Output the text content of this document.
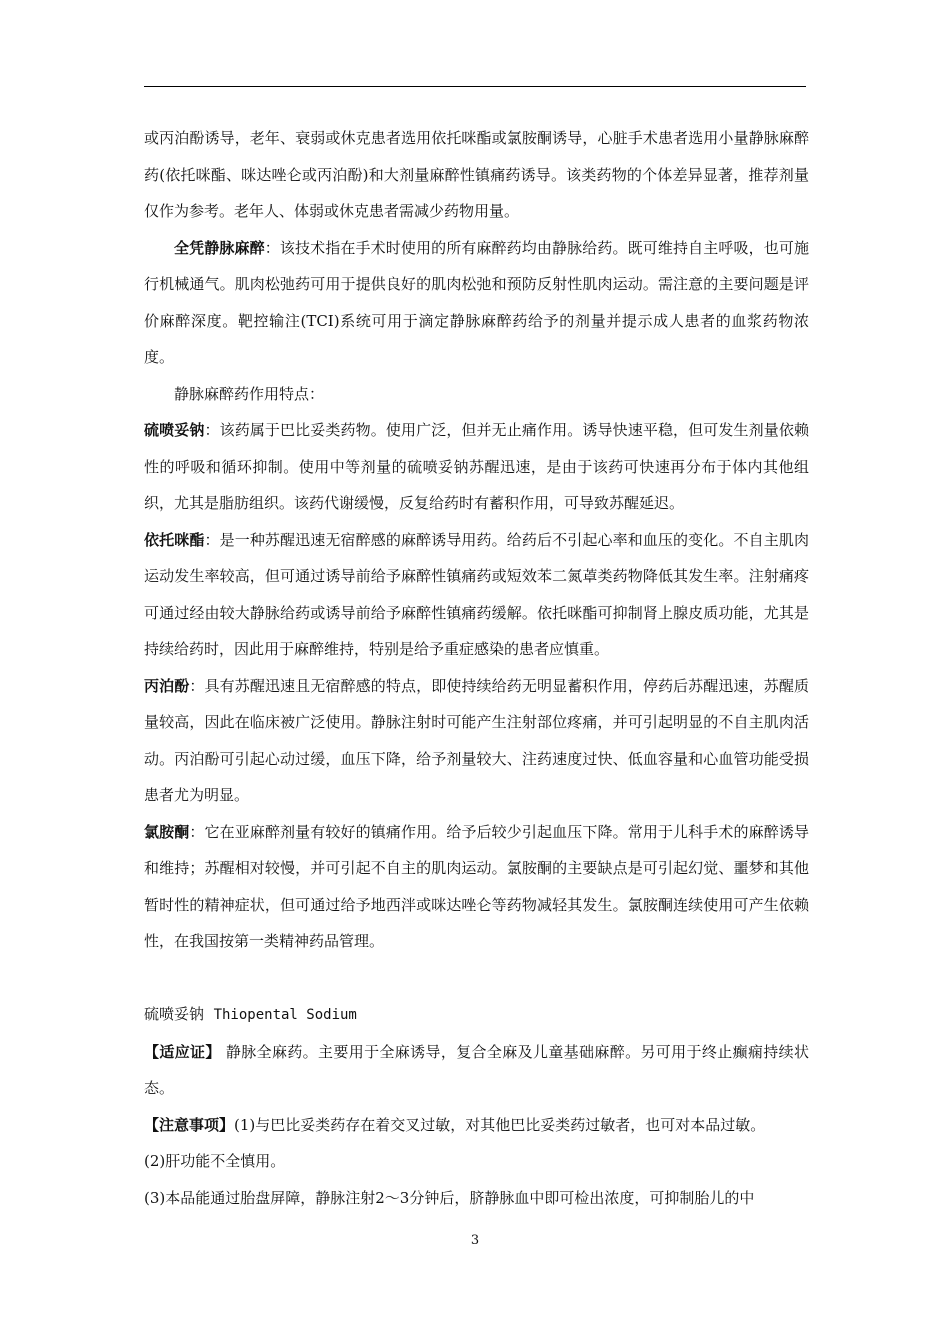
或丙泊酚诱导，老年、衰弱或休克患者选用依托咪酯或氯胺酮诱导，心脏手术患者选用小量静脉麻醉药(依托咪酯、咪达唑仑或丙泊酚)和大剂量麻醉性镇痛药诱导。该类药物的个体差异显著，推荐剂量仅作为参考。老年人、体弱或休克患者需减少药物用量。

全凭静脉麻醉：该技术指在手术时使用的所有麻醉药均由静脉给药。既可维持自主呼吸，也可施行机械通气。肌肉松弛药可用于提供良好的肌肉松弛和预防反射性肌肉运动。需注意的主要问题是评价麻醉深度。靶控输注(TCI)系统可用于滴定静脉麻醉药给予的剂量并提示成人患者的血浆药物浓度。

静脉麻醉药作用特点：

硫喷妥钠：该药属于巴比妥类药物。使用广泛，但并无止痛作用。诱导快速平稳，但可发生剂量依赖性的呼吸和循环抑制。使用中等剂量的硫喷妥钠苏醒迅速，是由于该药可快速再分布于体内其他组织，尤其是脂肪组织。该药代谢缓慢，反复给药时有蓄积作用，可导致苏醒延迟。

依托咪酯：是一种苏醒迅速无宿醉感的麻醉诱导用药。给药后不引起心率和血压的变化。不自主肌肉运动发生率较高，但可通过诱导前给予麻醉性镇痛药或短效苯二氮䓬类药物降低其发生率。注射痛疼可通过经由较大静脉给药或诱导前给予麻醉性镇痛药缓解。依托咪酯可抑制肾上腺皮质功能，尤其是持续给药时，因此用于麻醉维持，特别是给予重症感染的患者应慎重。

丙泊酚：具有苏醒迅速且无宿醉感的特点，即使持续给药无明显蓄积作用，停药后苏醒迅速，苏醒质量较高，因此在临床被广泛使用。静脉注射时可能产生注射部位疼痛，并可引起明显的不自主肌肉活动。丙泊酚可引起心动过缓，血压下降，给予剂量较大、注药速度过快、低血容量和心血管功能受损患者尤为明显。

氯胺酮：它在亚麻醉剂量有较好的镇痛作用。给予后较少引起血压下降。常用于儿科手术的麻醉诱导和维持；苏醒相对较慢，并可引起不自主的肌肉运动。氯胺酮的主要缺点是可引起幻觉、噩梦和其他暂时性的精神症状，但可通过给予地西泮或咪达唑仑等药物减轻其发生。氯胺酮连续使用可产生依赖性，在我国按第一类精神药品管理。

硫喷妥钠 Thiopental Sodium

【适应证】 静脉全麻药。主要用于全麻诱导，复合全麻及儿童基础麻醉。另可用于终止癫痫持续状态。

【注意事项】(1)与巴比妥类药存在着交叉过敏，对其他巴比妥类药过敏者，也可对本品过敏。

(2)肝功能不全慎用。

(3)本品能通过胎盘屏障，静脉注射2～3分钟后，脐静脉血中即可检出浓度，可抑制胎儿的中

3
